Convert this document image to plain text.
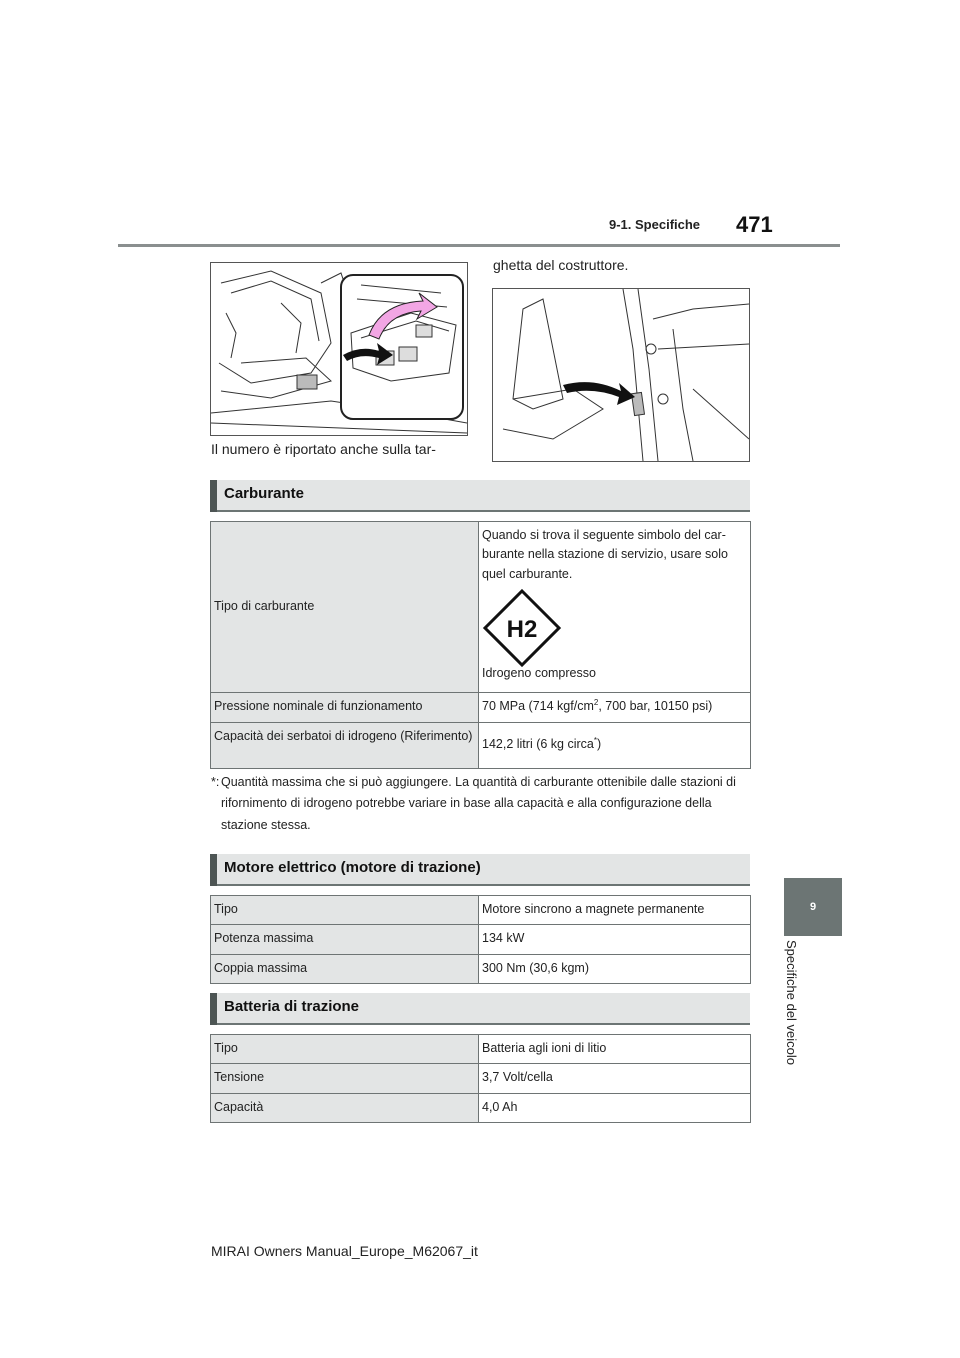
9-1. Specifiche 471
9
Specifiche del veicolo
Il numero è riportato anche sulla tar-
ghetta del costruttore.
Carburante
Tipo di carburante	Quando si trova il seguente simbolo del car-burante nella stazione di servizio, usare solo quel carburante.
H2
Idrogeno compresso

Pressione nominale di funzionamento	70 MPa (714 kgf/$cm^2$, 700 bar, 10150 psi)
Capacità dei serbatoi di idrogeno (Riferimento)	142,2 litri (6 kg circa*)
*: Quantità massima che si può aggiungere. La quantità di carburante ottenibile dalle stazioni di rifornimento di idrogeno potrebbe variare in base alla capacità e alla configurazione della stazione stessa.
Motore elettrico (motore di trazione)
Tipo	Motore sincrono a magnete permanente
Potenza massima	134 kW
Coppia massima	300 Nm (30,6 kgm)
Batteria di trazione
Tipo	Batteria agli ioni di litio
Tensione	3,7 Volt/cella
Capacità	4,0 Ah
MIRAI Owners Manual_Europe_M62067_it
